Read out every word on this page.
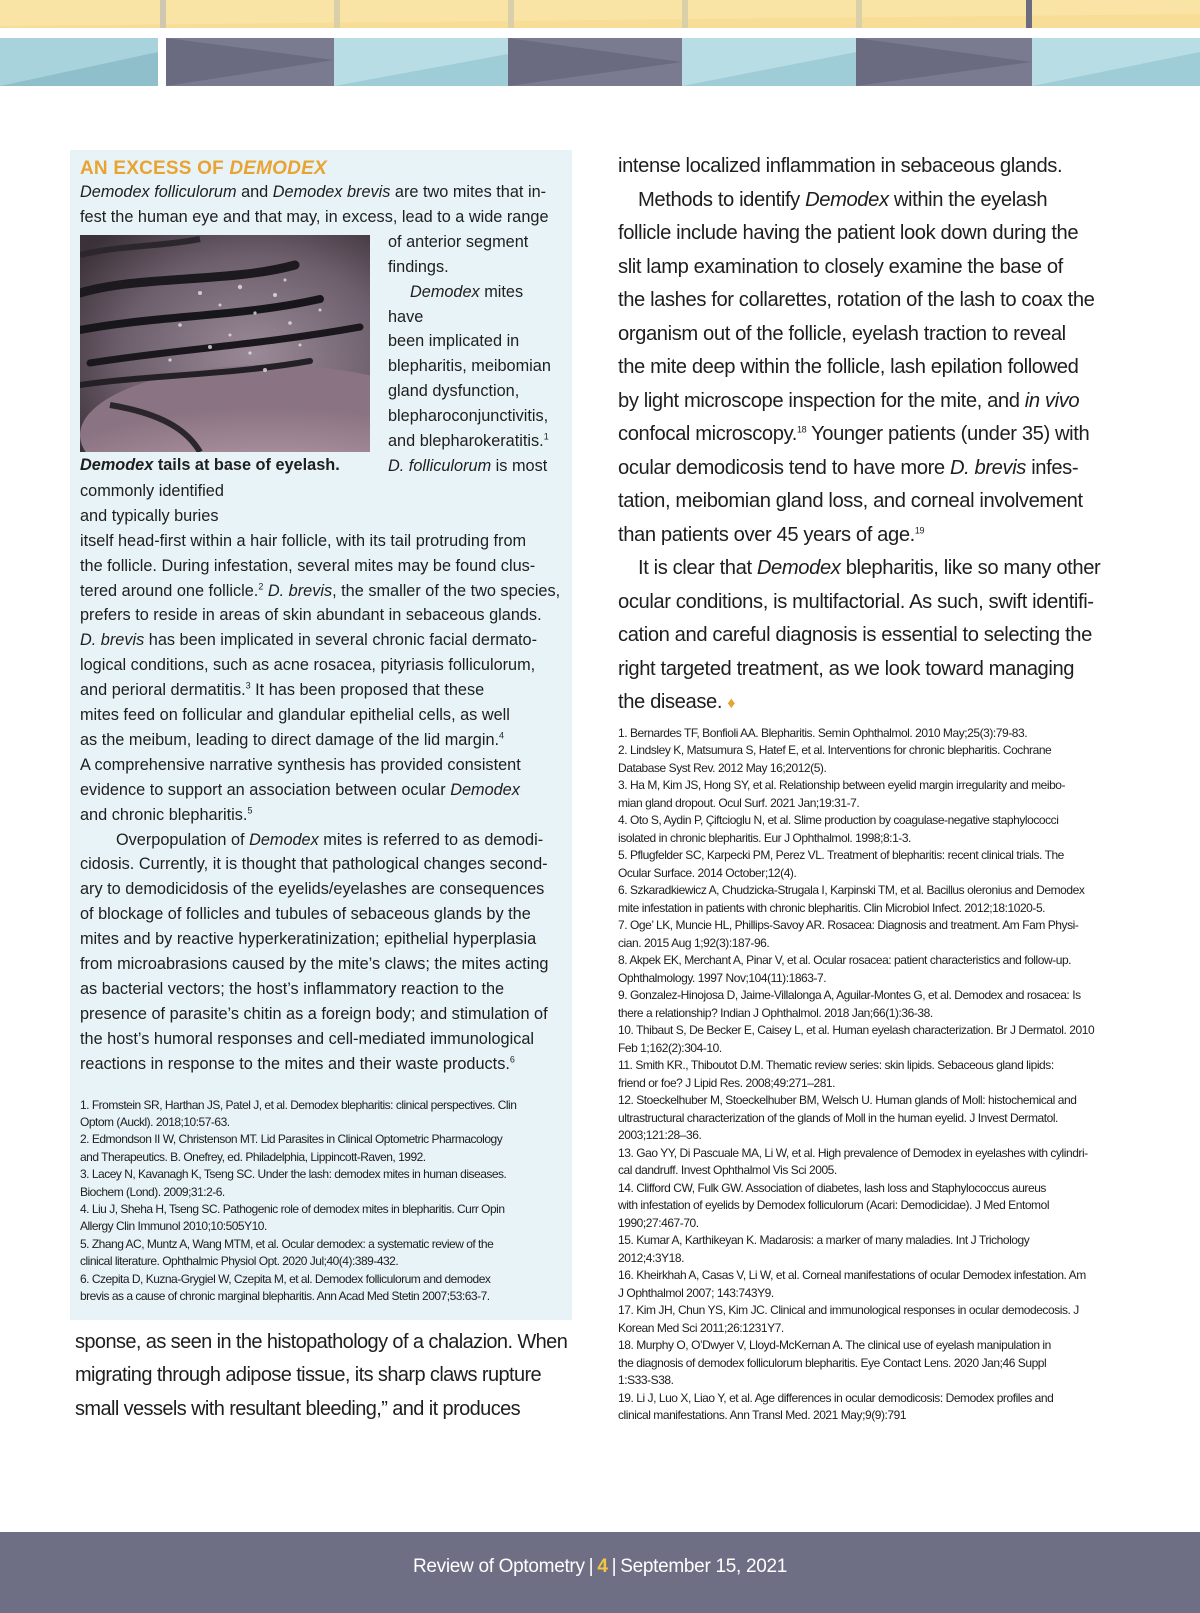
AN EXCESS OF DEMODEX

Demodex folliculorum and Demodex brevis are two mites that in-
fest the human eye and that may, in excess, lead to a wide range

Demodex tails at base of eyelash.

of anterior segment
findings.

Demodex mites have
been implicated in
blepharitis, meibomian
gland dysfunction,
blepharoconjunctivitis,
and blepharokeratitis.$^1$
D. folliculorum is most
commonly identified
and typically buries

itself head-first within a hair follicle, with its tail protruding from
the follicle. During infestation, several mites may be found clus-
tered around one follicle.$^2$ D. brevis, the smaller of the two species,
prefers to reside in areas of skin abundant in sebaceous glands.
D. brevis has been implicated in several chronic facial dermato-
logical conditions, such as acne rosacea, pityriasis folliculorum,
and perioral dermatitis.$^3$ It has been proposed that these
mites feed on follicular and glandular epithelial cells, as well
as the meibum, leading to direct damage of the lid margin.$^4$
A comprehensive narrative synthesis has provided consistent
evidence to support an association between ocular Demodex
and chronic blepharitis.$^5$

Overpopulation of Demodex mites is referred to as demodi-
cidosis. Currently, it is thought that pathological changes second-
ary to demodicidosis of the eyelids/eyelashes are consequences
of blockage of follicles and tubules of sebaceous glands by the
mites and by reactive hyperkeratinization; epithelial hyperplasia
from microabrasions caused by the mite’s claws; the mites acting
as bacterial vectors; the host’s inflammatory reaction to the
presence of parasite’s chitin as a foreign body; and stimulation of
the host’s humoral responses and cell-mediated immunological
reactions in response to the mites and their waste products.$^6$

1. Fromstein SR, Harthan JS, Patel J, et al. Demodex blepharitis: clinical perspectives. Clin
Optom (Auckl). 2018;10:57-63.
2. Edmondson II W, Christenson MT. Lid Parasites in Clinical Optometric Pharmacology
and Therapeutics. B. Onefrey, ed. Philadelphia, Lippincott-Raven, 1992.
3. Lacey N, Kavanagh K, Tseng SC. Under the lash: demodex mites in human diseases.
Biochem (Lond). 2009;31:2-6.
4. Liu J, Sheha H, Tseng SC. Pathogenic role of demodex mites in blepharitis. Curr Opin
Allergy Clin Immunol 2010;10:505Y10.
5. Zhang AC, Muntz A, Wang MTM, et al. Ocular demodex: a systematic review of the
clinical literature. Ophthalmic Physiol Opt. 2020 Jul;40(4):389-432.
6. Czepita D, Kuzna-Grygiel W, Czepita M, et al. Demodex folliculorum and demodex
brevis as a cause of chronic marginal blepharitis. Ann Acad Med Stetin 2007;53:63-7.

sponse, as seen in the histopathology of a chalazion. When
migrating through adipose tissue, its sharp claws rupture
small vessels with resultant bleeding,” and it produces

intense localized inflammation in sebaceous glands.

Methods to identify Demodex within the eyelash

follicle include having the patient look down during the
slit lamp examination to closely examine the base of
the lashes for collarettes, rotation of the lash to coax the
organism out of the follicle, eyelash traction to reveal
the mite deep within the follicle, lash epilation followed
by light microscope inspection for the mite, and in vivo
confocal microscopy.$^{18}$ Younger patients (under 35) with
ocular demodicosis tend to have more D. brevis infes-
tation, meibomian gland loss, and corneal involvement
than patients over 45 years of age.$^{19}$

It is clear that Demodex blepharitis, like so many other

ocular conditions, is multifactorial. As such, swift identifi-
cation and careful diagnosis is essential to selecting the
right targeted treatment, as we look toward managing
the disease. ♦

1. Bernardes TF, Bonfioli AA. Blepharitis. Semin Ophthalmol. 2010 May;25(3):79-83.
2. Lindsley K, Matsumura S, Hatef E, et al. Interventions for chronic blepharitis. Cochrane
Database Syst Rev. 2012 May 16;2012(5).
3. Ha M, Kim JS, Hong SY, et al. Relationship between eyelid margin irregularity and meibo-
mian gland dropout. Ocul Surf. 2021 Jan;19:31-7.
4. Oto S, Aydin P, Çiftcioglu N, et al. Slime production by coagulase-negative staphylococci
isolated in chronic blepharitis. Eur J Ophthalmol. 1998;8:1-3.
5. Pflugfelder SC, Karpecki PM, Perez VL. Treatment of blepharitis: recent clinical trials. The
Ocular Surface. 2014 October;12(4).
6. Szkaradkiewicz A, Chudzicka-Strugala I, Karpinski TM, et al. Bacillus oleronius and Demodex
mite infestation in patients with chronic blepharitis. Clin Microbiol Infect. 2012;18:1020-5.
7. Oge’ LK, Muncie HL, Phillips-Savoy AR. Rosacea: Diagnosis and treatment. Am Fam Physi-
cian. 2015 Aug 1;92(3):187-96.
8. Akpek EK, Merchant A, Pinar V, et al. Ocular rosacea: patient characteristics and follow-up.
Ophthalmology. 1997 Nov;104(11):1863-7.
9. Gonzalez-Hinojosa D, Jaime-Villalonga A, Aguilar-Montes G, et al. Demodex and rosacea: Is
there a relationship? Indian J Ophthalmol. 2018 Jan;66(1):36-38.
10. Thibaut S, De Becker E, Caisey L, et al. Human eyelash characterization. Br J Dermatol. 2010
Feb 1;162(2):304-10.
11. Smith KR., Thiboutot D.M. Thematic review series: skin lipids. Sebaceous gland lipids:
friend or foe? J Lipid Res. 2008;49:271–281.
12. Stoeckelhuber M, Stoeckelhuber BM, Welsch U. Human glands of Moll: histochemical and
ultrastructural characterization of the glands of Moll in the human eyelid. J Invest Dermatol.
2003;121:28–36.
13. Gao YY, Di Pascuale MA, Li W, et al. High prevalence of Demodex in eyelashes with cylindri-
cal dandruff. Invest Ophthalmol Vis Sci 2005.
14. Clifford CW, Fulk GW. Association of diabetes, lash loss and Staphylococcus aureus
with infestation of eyelids by Demodex folliculorum (Acari: Demodicidae). J Med Entomol
1990;27:467-70.
15. Kumar A, Karthikeyan K. Madarosis: a marker of many maladies. Int J Trichology
2012;4:3Y18.
16. Kheirkhah A, Casas V, Li W, et al. Corneal manifestations of ocular Demodex infestation. Am
J Ophthalmol 2007; 143:743Y9.
17. Kim JH, Chun YS, Kim JC. Clinical and immunological responses in ocular demodecosis. J
Korean Med Sci 2011;26:1231Y7.
18. Murphy O, O’Dwyer V, Lloyd-McKernan A. The clinical use of eyelash manipulation in
the diagnosis of demodex folliculorum blepharitis. Eye Contact Lens. 2020 Jan;46 Suppl
1:S33-S38.
19. Li J, Luo X, Liao Y, et al. Age differences in ocular demodicosis: Demodex profiles and
clinical manifestations. Ann Transl Med. 2021 May;9(9):791
Review of Optometry | 4 | September 15, 2021
